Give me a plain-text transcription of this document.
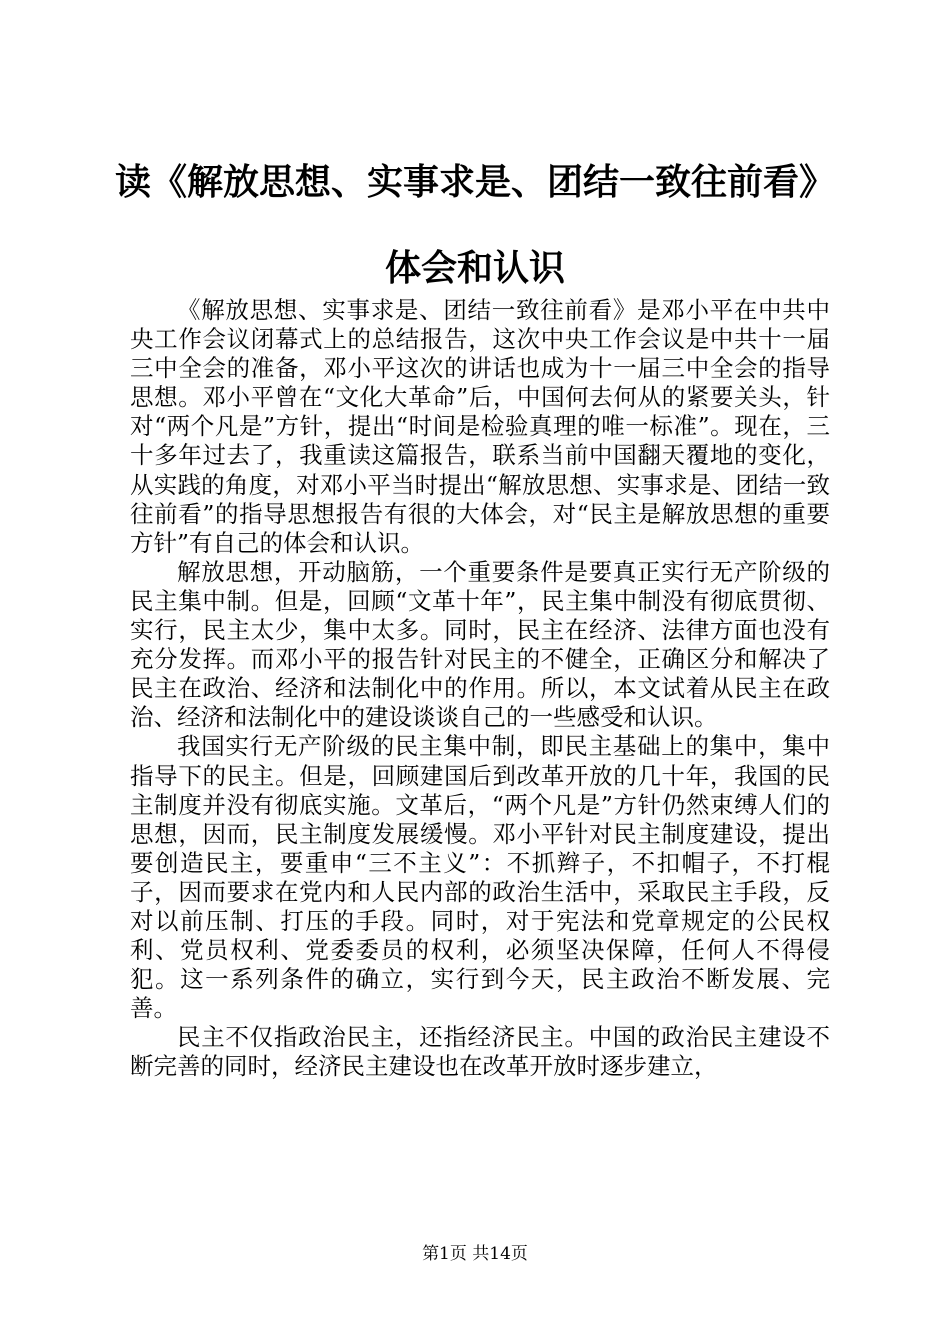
读《解放思想、实事求是、团结一致往前看》
体会和认识

《解放思想、实事求是、团结一致往前看》是邓小平在中共中央工作会议闭幕式上的总结报告，这次中央工作会议是中共十一届三中全会的准备，邓小平这次的讲话也成为十一届三中全会的指导思想。邓小平曾在“文化大革命”后，中国何去何从的紧要关头，针对“两个凡是”方针，提出“时间是检验真理的唯一标准”。现在，三十多年过去了，我重读这篇报告，联系当前中国翻天覆地的变化，从实践的角度，对邓小平当时提出“解放思想、实事求是、团结一致往前看”的指导思想报告有很的大体会，对“民主是解放思想的重要方针”有自己的体会和认识。

解放思想，开动脑筋，一个重要条件是要真正实行无产阶级的民主集中制。但是，回顾“文革十年”，民主集中制没有彻底贯彻、实行，民主太少，集中太多。同时，民主在经济、法律方面也没有充分发挥。而邓小平的报告针对民主的不健全，正确区分和解决了民主在政治、经济和法制化中的作用。所以，本文试着从民主在政治、经济和法制化中的建设谈谈自己的一些感受和认识。

我国实行无产阶级的民主集中制，即民主基础上的集中，集中指导下的民主。但是，回顾建国后到改革开放的几十年，我国的民主制度并没有彻底实施。文革后，“两个凡是”方针仍然束缚人们的思想，因而，民主制度发展缓慢。邓小平针对民主制度建设，提出要创造民主，要重申“三不主义”：不抓辫子，不扣帽子，不打棍子，因而要求在党内和人民内部的政治生活中，采取民主手段，反对以前压制、打压的手段。同时，对于宪法和党章规定的公民权利、党员权利、党委委员的权利，必须坚决保障，任何人不得侵犯。这一系列条件的确立，实行到今天，民主政治不断发展、完善。

民主不仅指政治民主，还指经济民主。中国的政治民主建设不断完善的同时，经济民主建设也在改革开放时逐步建立，

第1页 共14页
